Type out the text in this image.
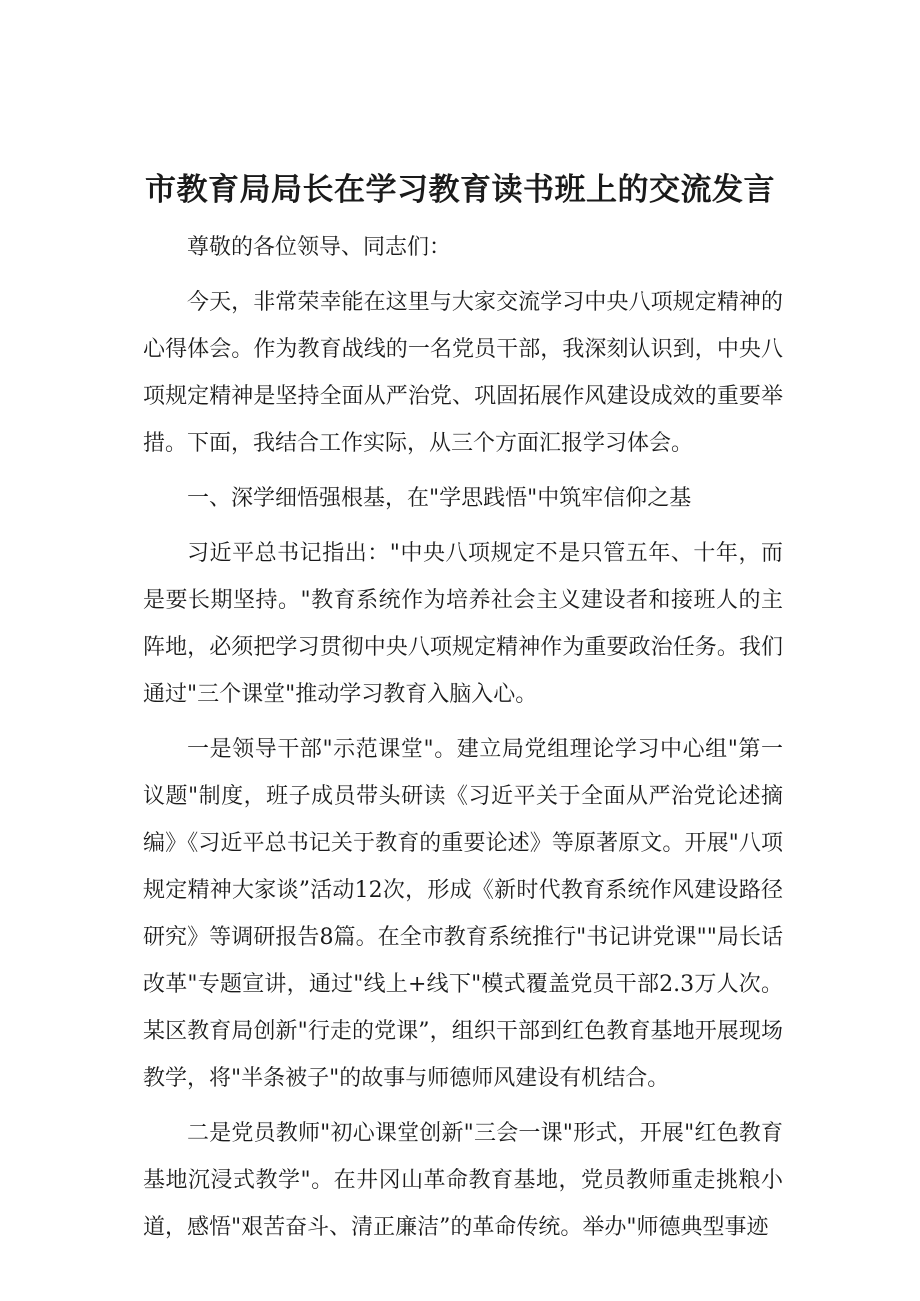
市教育局局长在学习教育读书班上的交流发言

尊敬的各位领导、同志们：

今天，非常荣幸能在这里与大家交流学习中央八项规定精神的心得体会。作为教育战线的一名党员干部，我深刻认识到，中央八项规定精神是坚持全面从严治党、巩固拓展作风建设成效的重要举措。下面，我结合工作实际，从三个方面汇报学习体会。

一、深学细悟强根基，在"学思践悟"中筑牢信仰之基

习近平总书记指出："中央八项规定不是只管五年、十年，而是要长期坚持。"教育系统作为培养社会主义建设者和接班人的主阵地，必须把学习贯彻中央八项规定精神作为重要政治任务。我们通过"三个课堂"推动学习教育入脑入心。

一是领导干部"示范课堂"。建立局党组理论学习中心组"第一议题"制度，班子成员带头研读《习近平关于全面从严治党论述摘编》《习近平总书记关于教育的重要论述》等原著原文。开展"八项规定精神大家谈”活动12次，形成《新时代教育系统作风建设路径研究》等调研报告8篇。在全市教育系统推行"书记讲党课""局长话改革"专题宣讲，通过"线上+线下"模式覆盖党员干部2.3万人次。某区教育局创新"行走的党课”，组织干部到红色教育基地开展现场教学，将"半条被子"的故事与师德师风建设有机结合。

二是党员教师"初心课堂创新"三会一课"形式，开展"红色教育基地沉浸式教学"。在井冈山革命教育基地，党员教师重走挑粮小道，感悟"艰苦奋斗、清正廉洁”的革命传统。举办"师德典型事迹
